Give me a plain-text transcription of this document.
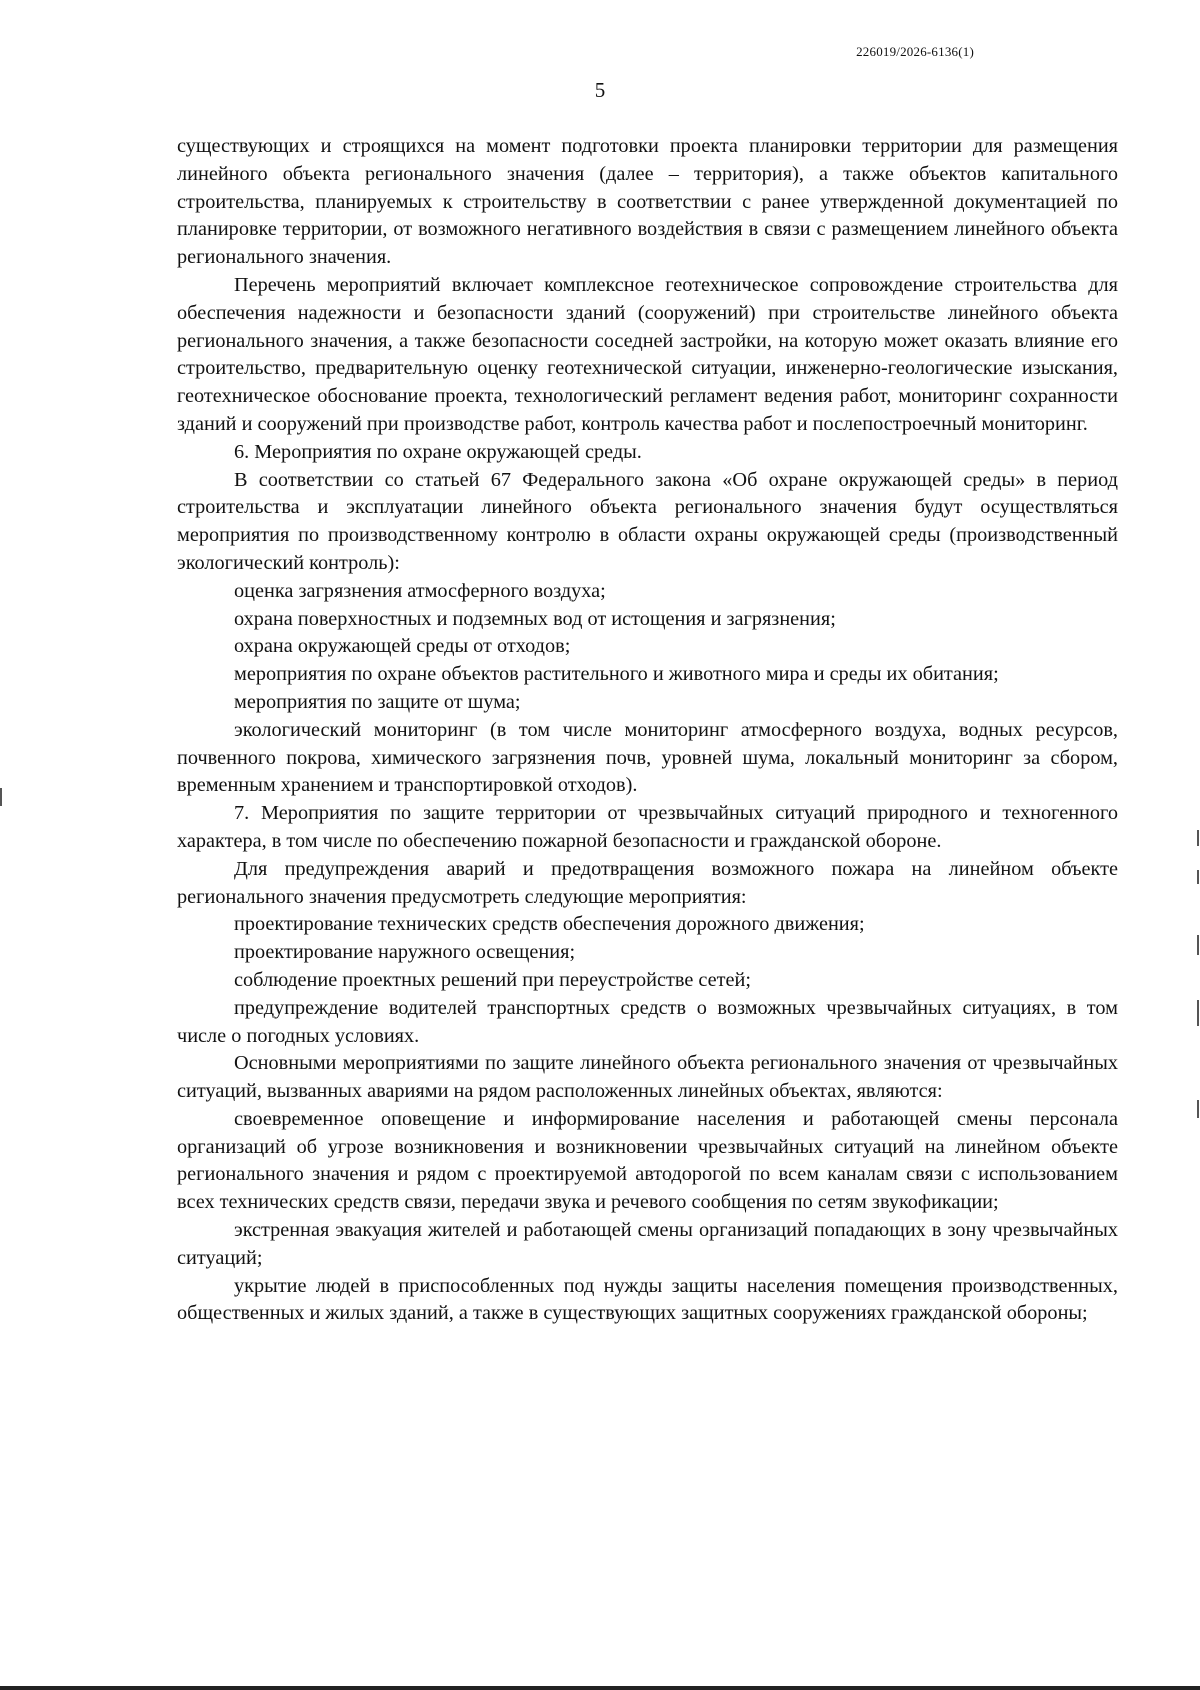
226019/2026-6136(1)
5

существующих и строящихся на момент подготовки проекта планировки территории для размещения линейного объекта регионального значения (далее – территория), а также объектов капитального строительства, планируемых к строительству в соответствии с ранее утвержденной документацией по планировке территории, от возможного негативного воздействия в связи с размещением линейного объекта регионального значения.

Перечень мероприятий включает комплексное геотехническое сопровождение строительства для обеспечения надежности и безопасности зданий (сооружений) при строительстве линейного объекта регионального значения, а также безопасности соседней застройки, на которую может оказать влияние его строительство, предварительную оценку геотехнической ситуации, инженерно-геологические изыскания, геотехническое обоснование проекта, технологический регламент ведения работ, мониторинг сохранности зданий и сооружений при производстве работ, контроль качества работ и послепостроечный мониторинг.

6. Мероприятия по охране окружающей среды.

В соответствии со статьей 67 Федерального закона «Об охране окружающей среды» в период строительства и эксплуатации линейного объекта регионального значения будут осуществляться мероприятия по производственному контролю в области охраны окружающей среды (производственный экологический контроль):

оценка загрязнения атмосферного воздуха;

охрана поверхностных и подземных вод от истощения и загрязнения;

охрана окружающей среды от отходов;

мероприятия по охране объектов растительного и животного мира и среды их обитания;

мероприятия по защите от шума;

экологический мониторинг (в том числе мониторинг атмосферного воздуха, водных ресурсов, почвенного покрова, химического загрязнения почв, уровней шума, локальный мониторинг за сбором, временным хранением и транспортировкой отходов).

7. Мероприятия по защите территории от чрезвычайных ситуаций природного и техногенного характера, в том числе по обеспечению пожарной безопасности и гражданской обороне.

Для предупреждения аварий и предотвращения возможного пожара на линейном объекте регионального значения предусмотреть следующие мероприятия:

проектирование технических средств обеспечения дорожного движения;

проектирование наружного освещения;

соблюдение проектных решений при переустройстве сетей;

предупреждение водителей транспортных средств о возможных чрезвычайных ситуациях, в том числе о погодных условиях.

Основными мероприятиями по защите линейного объекта регионального значения от чрезвычайных ситуаций, вызванных авариями на рядом расположенных линейных объектах, являются:

своевременное оповещение и информирование населения и работающей смены персонала организаций об угрозе возникновения и возникновении чрезвычайных ситуаций на линейном объекте регионального значения и рядом с проектируемой автодорогой по всем каналам связи с использованием всех технических средств связи, передачи звука и речевого сообщения по сетям звукофикации;

экстренная эвакуация жителей и работающей смены организаций попадающих в зону чрезвычайных ситуаций;

укрытие людей в приспособленных под нужды защиты населения помещения производственных, общественных и жилых зданий, а также в существующих защитных сооружениях гражданской обороны;
